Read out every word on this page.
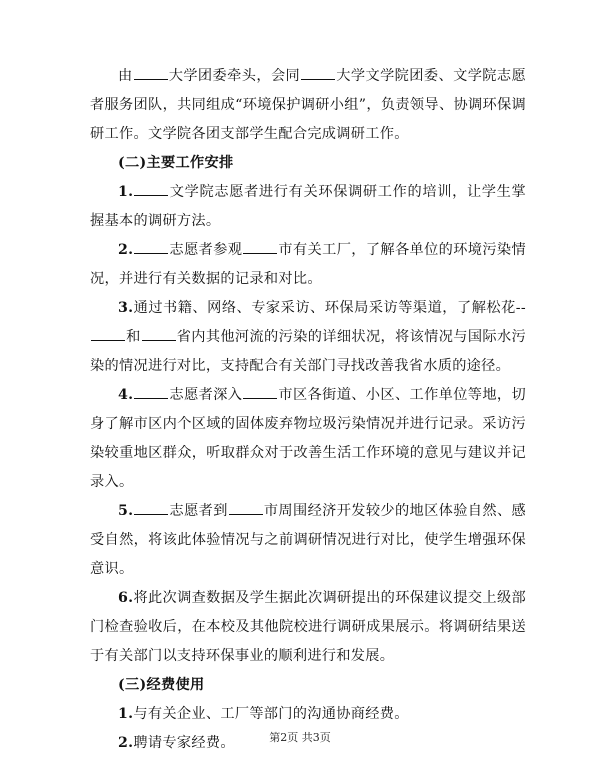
由	大学团委牵头，会同	大学文学院团委、文学院志愿者服务团队，共同组成“环境保护调研小组”，负责领导、协调环保调研工作。文学院各团支部学生配合完成调研工作。

(二)主要工作安排

1.	文学院志愿者进行有关环保调研工作的培训，让学生掌握基本的调研方法。

2.	志愿者参观	市有关工厂，了解各单位的环境污染情况，并进行有关数据的记录和对比。

3.通过书籍、网络、专家采访、环保局采访等渠道，了解松花--和	省内其他河流的污染的详细状况，将该情况与国际水污染的情况进行对比，支持配合有关部门寻找改善我省水质的途径。

4.	志愿者深入	市区各街道、小区、工作单位等地，切身了解市区内个区域的固体废弃物垃圾污染情况并进行记录。采访污染较重地区群众，听取群众对于改善生活工作环境的意见与建议并记录入。

5.	志愿者到	市周围经济开发较少的地区体验自然、感受自然，将该此体验情况与之前调研情况进行对比，使学生增强环保意识。

6.将此次调查数据及学生据此次调研提出的环保建议提交上级部门检查验收后，在本校及其他院校进行调研成果展示。将调研结果送于有关部门以支持环保事业的顺利进行和发展。

(三)经费使用

1.与有关企业、工厂等部门的沟通协商经费。

2.聘请专家经费。	第2页 共3页
